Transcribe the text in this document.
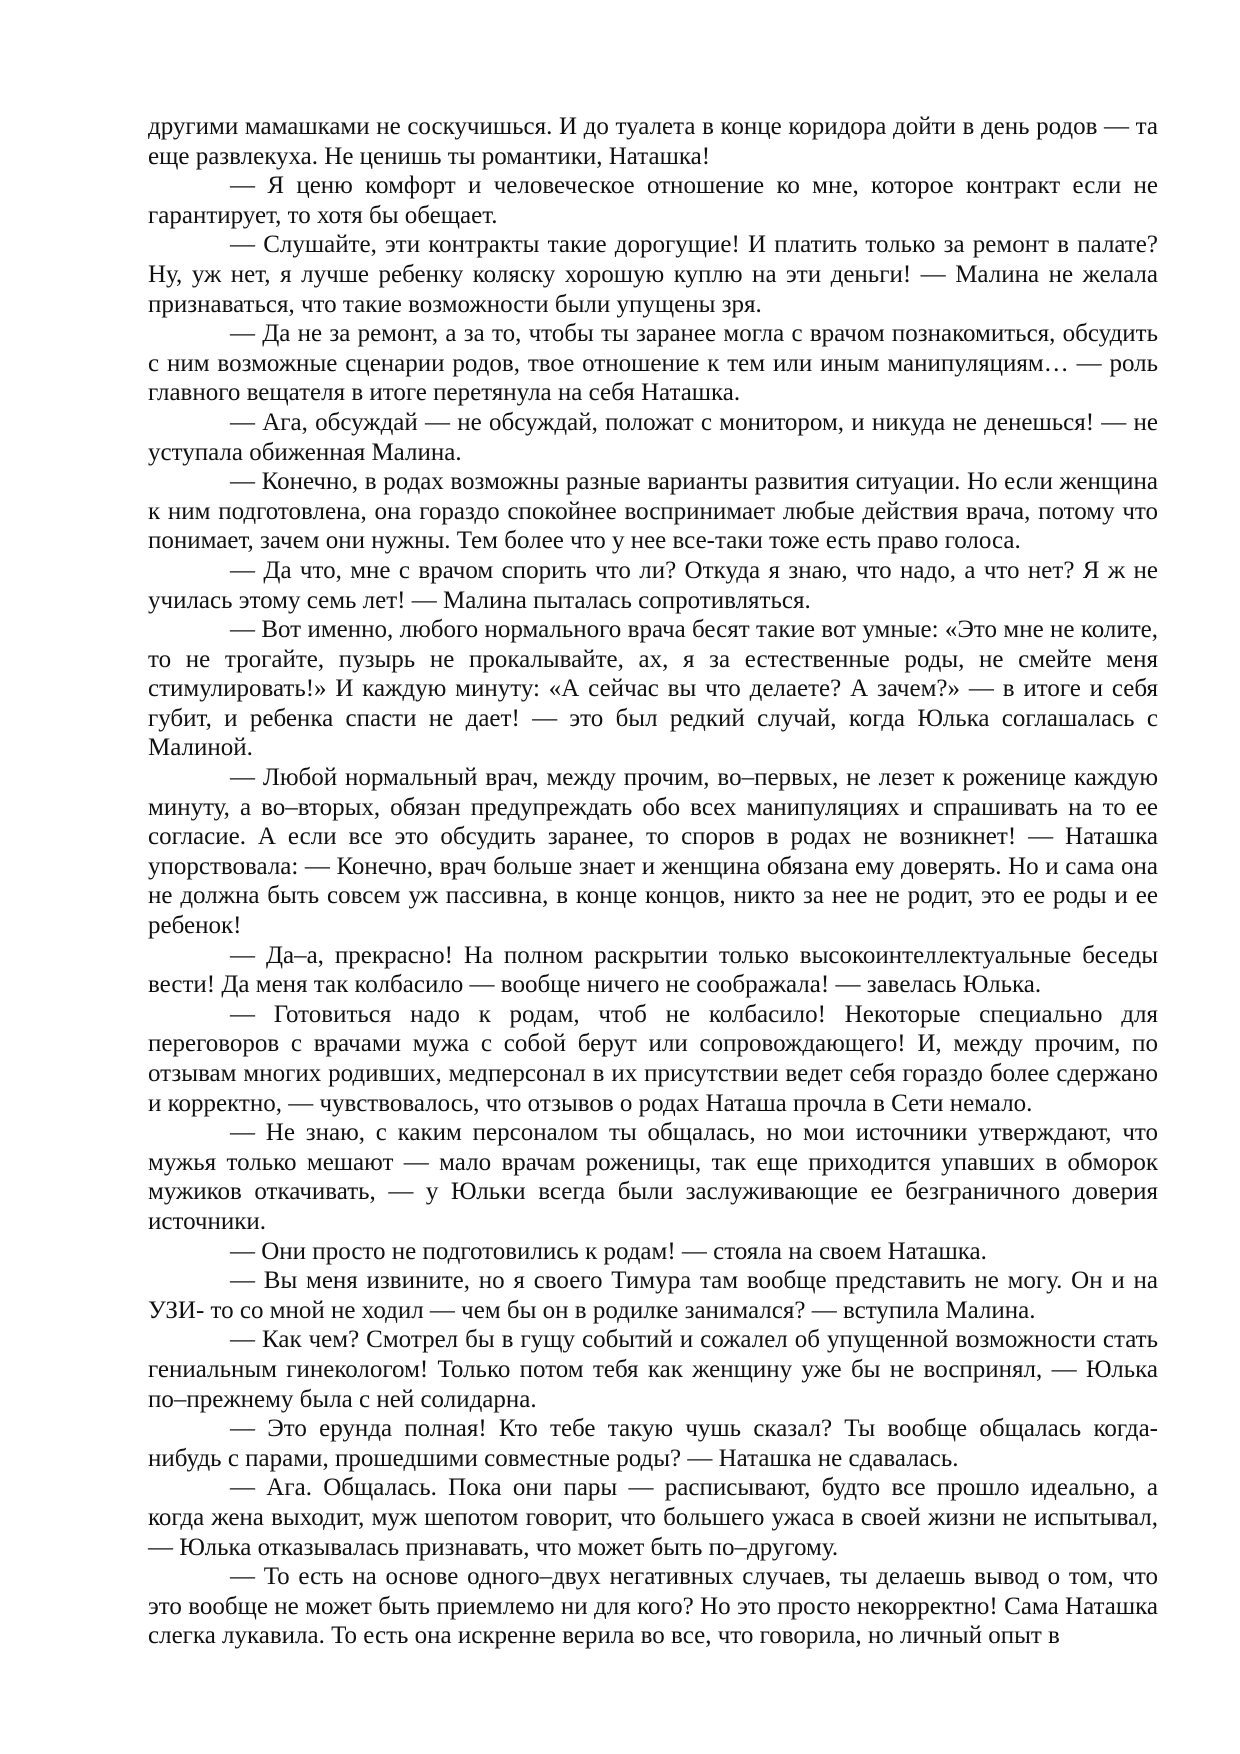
другими мамашками не соскучишься. И до туалета в конце коридора дойти в день родов — та еще развлекуха. Не ценишь ты романтики, Наташка!

— Я ценю комфорт и человеческое отношение ко мне, которое контракт если не гарантирует, то хотя бы обещает.

— Слушайте, эти контракты такие дорогущие! И платить только за ремонт в палате? Ну, уж нет, я лучше ребенку коляску хорошую куплю на эти деньги! — Малина не желала признаваться, что такие возможности были упущены зря.

— Да не за ремонт, а за то, чтобы ты заранее могла с врачом познакомиться, обсудить с ним возможные сценарии родов, твое отношение к тем или иным манипуляциям… — роль главного вещателя в итоге перетянула на себя Наташка.

— Ага, обсуждай — не обсуждай, положат с монитором, и никуда не денешься! — не уступала обиженная Малина.

— Конечно, в родах возможны разные варианты развития ситуации. Но если женщина к ним подготовлена, она гораздо спокойнее воспринимает любые действия врача, потому что понимает, зачем они нужны. Тем более что у нее все-таки тоже есть право голоса.

— Да что, мне с врачом спорить что ли? Откуда я знаю, что надо, а что нет? Я ж не училась этому семь лет! — Малина пыталась сопротивляться.

— Вот именно, любого нормального врача бесят такие вот умные: «Это мне не колите, то не трогайте, пузырь не прокалывайте, ах, я за естественные роды, не смейте меня стимулировать!» И каждую минуту: «А сейчас вы что делаете? А зачем?» — в итоге и себя губит, и ребенка спасти не дает! — это был редкий случай, когда Юлька соглашалась с Малиной.

— Любой нормальный врач, между прочим, во–первых, не лезет к роженице каждую минуту, а во–вторых, обязан предупреждать обо всех манипуляциях и спрашивать на то ее согласие. А если все это обсудить заранее, то споров в родах не возникнет! — Наташка упорствовала: — Конечно, врач больше знает и женщина обязана ему доверять. Но и сама она не должна быть совсем уж пассивна, в конце концов, никто за нее не родит, это ее роды и ее ребенок!

— Да–а, прекрасно! На полном раскрытии только высокоинтеллектуальные беседы вести! Да меня так колбасило — вообще ничего не соображала! — завелась Юлька.

— Готовиться надо к родам, чтоб не колбасило! Некоторые специально для переговоров с врачами мужа с собой берут или сопровождающего! И, между прочим, по отзывам многих родивших, медперсонал в их присутствии ведет себя гораздо более сдержано и корректно, — чувствовалось, что отзывов о родах Наташа прочла в Сети немало.

— Не знаю, с каким персоналом ты общалась, но мои источники утверждают, что мужья только мешают — мало врачам роженицы, так еще приходится упавших в обморок мужиков откачивать, — у Юльки всегда были заслуживающие ее безграничного доверия источники.

— Они просто не подготовились к родам! — стояла на своем Наташка.

— Вы меня извините, но я своего Тимура там вообще представить не могу. Он и на УЗИ‑ то со мной не ходил — чем бы он в родилке занимался? — вступила Малина.

— Как чем? Смотрел бы в гущу событий и сожалел об упущенной возможности стать гениальным гинекологом! Только потом тебя как женщину уже бы не воспринял, — Юлька по–прежнему была с ней солидарна.

— Это ерунда полная! Кто тебе такую чушь сказал? Ты вообще общалась когда‑ нибудь с парами, прошедшими совместные роды? — Наташка не сдавалась.

— Ага. Общалась. Пока они пары — расписывают, будто все прошло идеально, а когда жена выходит, муж шепотом говорит, что большего ужаса в своей жизни не испытывал, — Юлька отказывалась признавать, что может быть по–другому.

— То есть на основе одного–двух негативных случаев, ты делаешь вывод о том, что это вообще не может быть приемлемо ни для кого? Но это просто некорректно! Сама Наташка слегка лукавила. То есть она искренне верила во все, что говорила, но личный опыт в
